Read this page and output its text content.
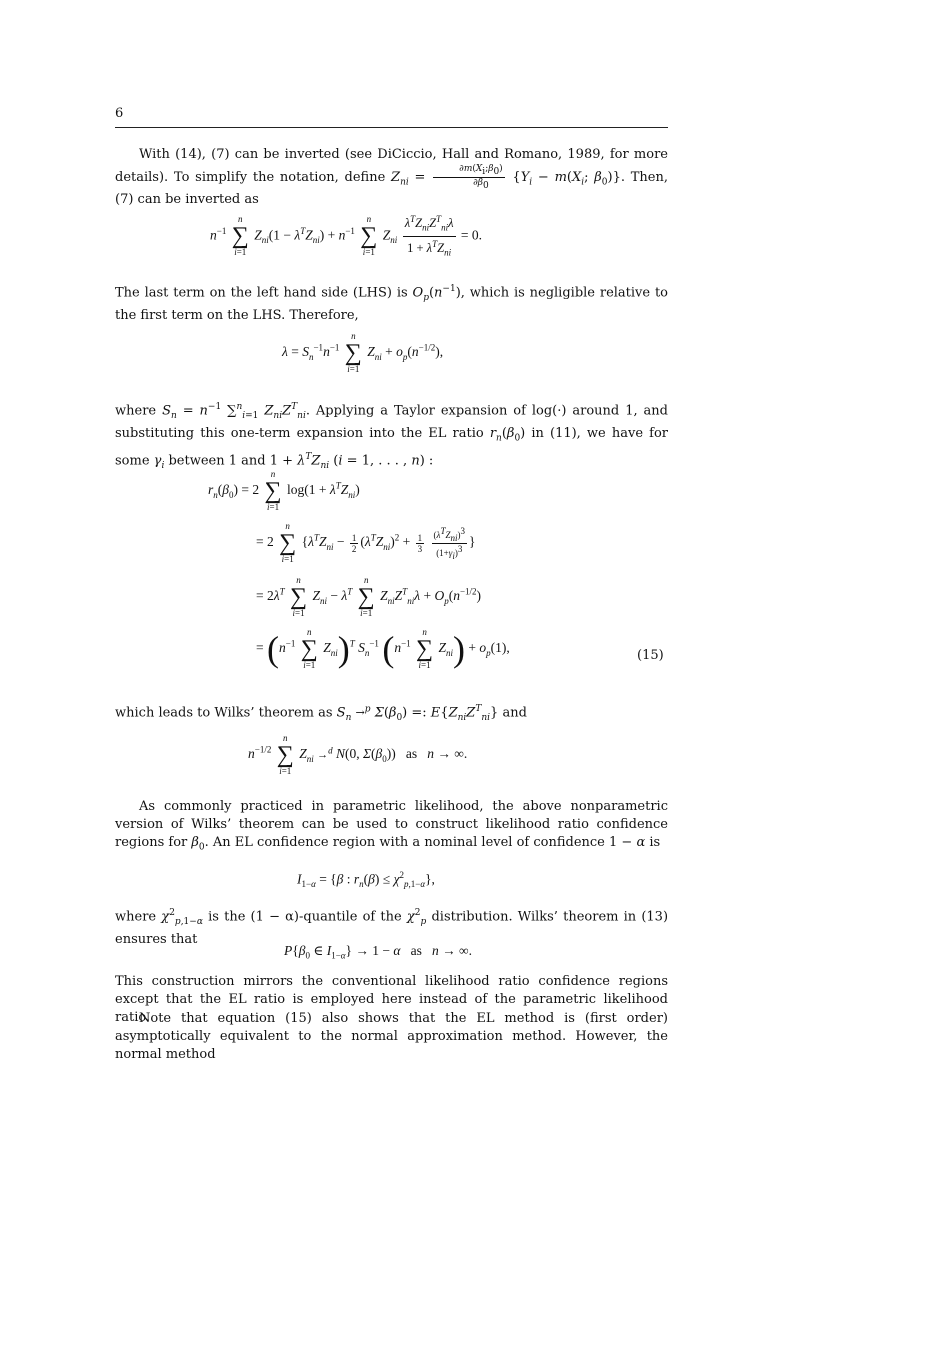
6

With (14), (7) can be inverted (see DiCiccio, Hall and Romano, 1989, for more details). To simplify the notation, define $Z_{ni} = \frac{\partial m(X_i;\beta_0)}{\partial\beta_0} \{Y_i - m(X_i$; $\beta_0$)}. Then, (7) can be inverted as

$n^{-1}$
n
∑
i=1
$Z_{ni}(1 - \lambda^TZ_{ni}) + n^{-1}$
n
∑
i=1
$Z_{ni} \frac{\lambda^TZ_{ni}Z^T_{ni}\lambda}{1 + \lambda^TZ_{ni}} = 0$.

The last term on the left hand side (LHS) is $O_p(n^{-1})$, which is negligible relative to the first term on the LHS. Therefore,

$\lambda = S_n^{-1}n^{-1}$
n
∑
i=1
$Z_{ni} + o_p(n^{-1/2})$,

where $S_n = n^{-1}$ ∑$^n_{i=1}$ $Z_{ni}Z^T_{ni}$. Applying a Taylor expansion of log(·) around 1, and substituting this one-term expansion into the EL ratio $r_n(\beta_0)$ in (11), we have for some $\gamma_i$ between 1 and $1 + \lambda^TZ_{ni}$ (i = 1, . . . , n) :

$r_n(\beta_0) = 2$
n
∑
i=1
$\log(1 + \lambda^TZ_{ni})$
= 2
n
∑
i=1
{$\lambda^TZ_{ni} - \frac{1}{2} (\lambda^TZ_{ni})^2 + \frac{1}{3}$
$\frac{(\lambda^TZ_{ni})^3}{(1+\gamma_i)^3}$ }
= $2\lambda^T$
n
∑
i=1
$Z_{ni} - \lambda^T$
n
∑
i=1
$Z_{ni}Z^T_{ni}\lambda + O_p(n^{-1/2})$
= ($n^{-1}$
n
∑
i=1
$Z_{ni})^T$ $S_n^{-1}$ ($n^{-1}$
n
∑
i=1
$Z_{ni}) + o_p(1)$,
(15)

which leads to Wilks’ theorem as $S_n \to^p$ $\Sigma(\beta_0)$ =: $E\{Z_{ni}Z^T_{ni}\}$ and

$n^{-1/2}$
n
∑
i=1
$Z_{ni} \to^d$ N(0, $\Sigma(\beta_0)$)   as n → ∞.

As commonly practiced in parametric likelihood, the above nonparametric version of Wilks’ theorem can be used to construct likelihood ratio confidence regions for $\beta_0$. An EL confidence region with a nominal level of confidence 1 − α is

$I_{1-\alpha} = \{\beta$ : $r_n(\beta) \le \chi^2_{p,1-\alpha}$},

where $\chi^2_{p,1-\alpha}$ is the (1 − α)-quantile of the $\chi^2_p$ distribution. Wilks’ theorem in (13) ensures that

$P\{\beta_0$ ∈ $I_{1-\alpha}\} \to 1 - \alpha$ as n → ∞.

This construction mirrors the conventional likelihood ratio confidence regions except that the EL ratio is employed here instead of the parametric likelihood ratio.

Note that equation (15) also shows that the EL method is (first order) asymptotically equivalent to the normal approximation method. However, the normal method
